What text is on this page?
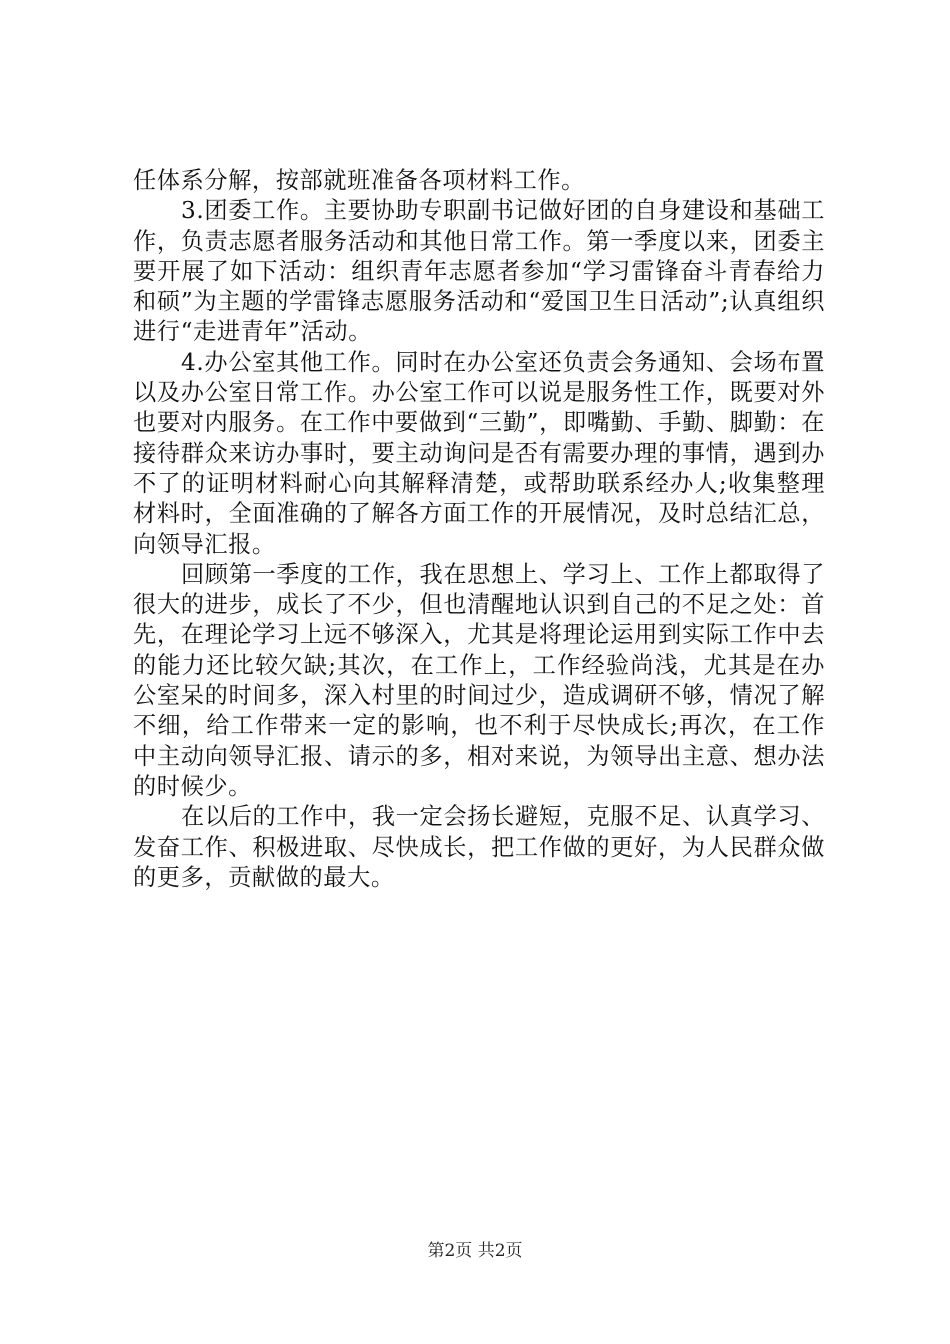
任体系分解，按部就班准备各项材料工作。

3.团委工作。主要协助专职副书记做好团的自身建设和基础工作，负责志愿者服务活动和其他日常工作。第一季度以来，团委主要开展了如下活动：组织青年志愿者参加“学习雷锋奋斗青春给力和硕”为主题的学雷锋志愿服务活动和“爱国卫生日活动”;认真组织进行“走进青年”活动。

4.办公室其他工作。同时在办公室还负责会务通知、会场布置以及办公室日常工作。办公室工作可以说是服务性工作，既要对外也要对内服务。在工作中要做到“三勤”，即嘴勤、手勤、脚勤：在接待群众来访办事时，要主动询问是否有需要办理的事情，遇到办不了的证明材料耐心向其解释清楚，或帮助联系经办人;收集整理材料时，全面准确的了解各方面工作的开展情况，及时总结汇总，向领导汇报。

回顾第一季度的工作，我在思想上、学习上、工作上都取得了很大的进步，成长了不少，但也清醒地认识到自己的不足之处：首先，在理论学习上远不够深入，尤其是将理论运用到实际工作中去的能力还比较欠缺;其次，在工作上，工作经验尚浅，尤其是在办公室呆的时间多，深入村里的时间过少，造成调研不够，情况了解不细，给工作带来一定的影响，也不利于尽快成长;再次，在工作中主动向领导汇报、请示的多，相对来说，为领导出主意、想办法的时候少。

在以后的工作中，我一定会扬长避短，克服不足、认真学习、发奋工作、积极进取、尽快成长，把工作做的更好，为人民群众做的更多，贡献做的最大。

第2页 共2页
